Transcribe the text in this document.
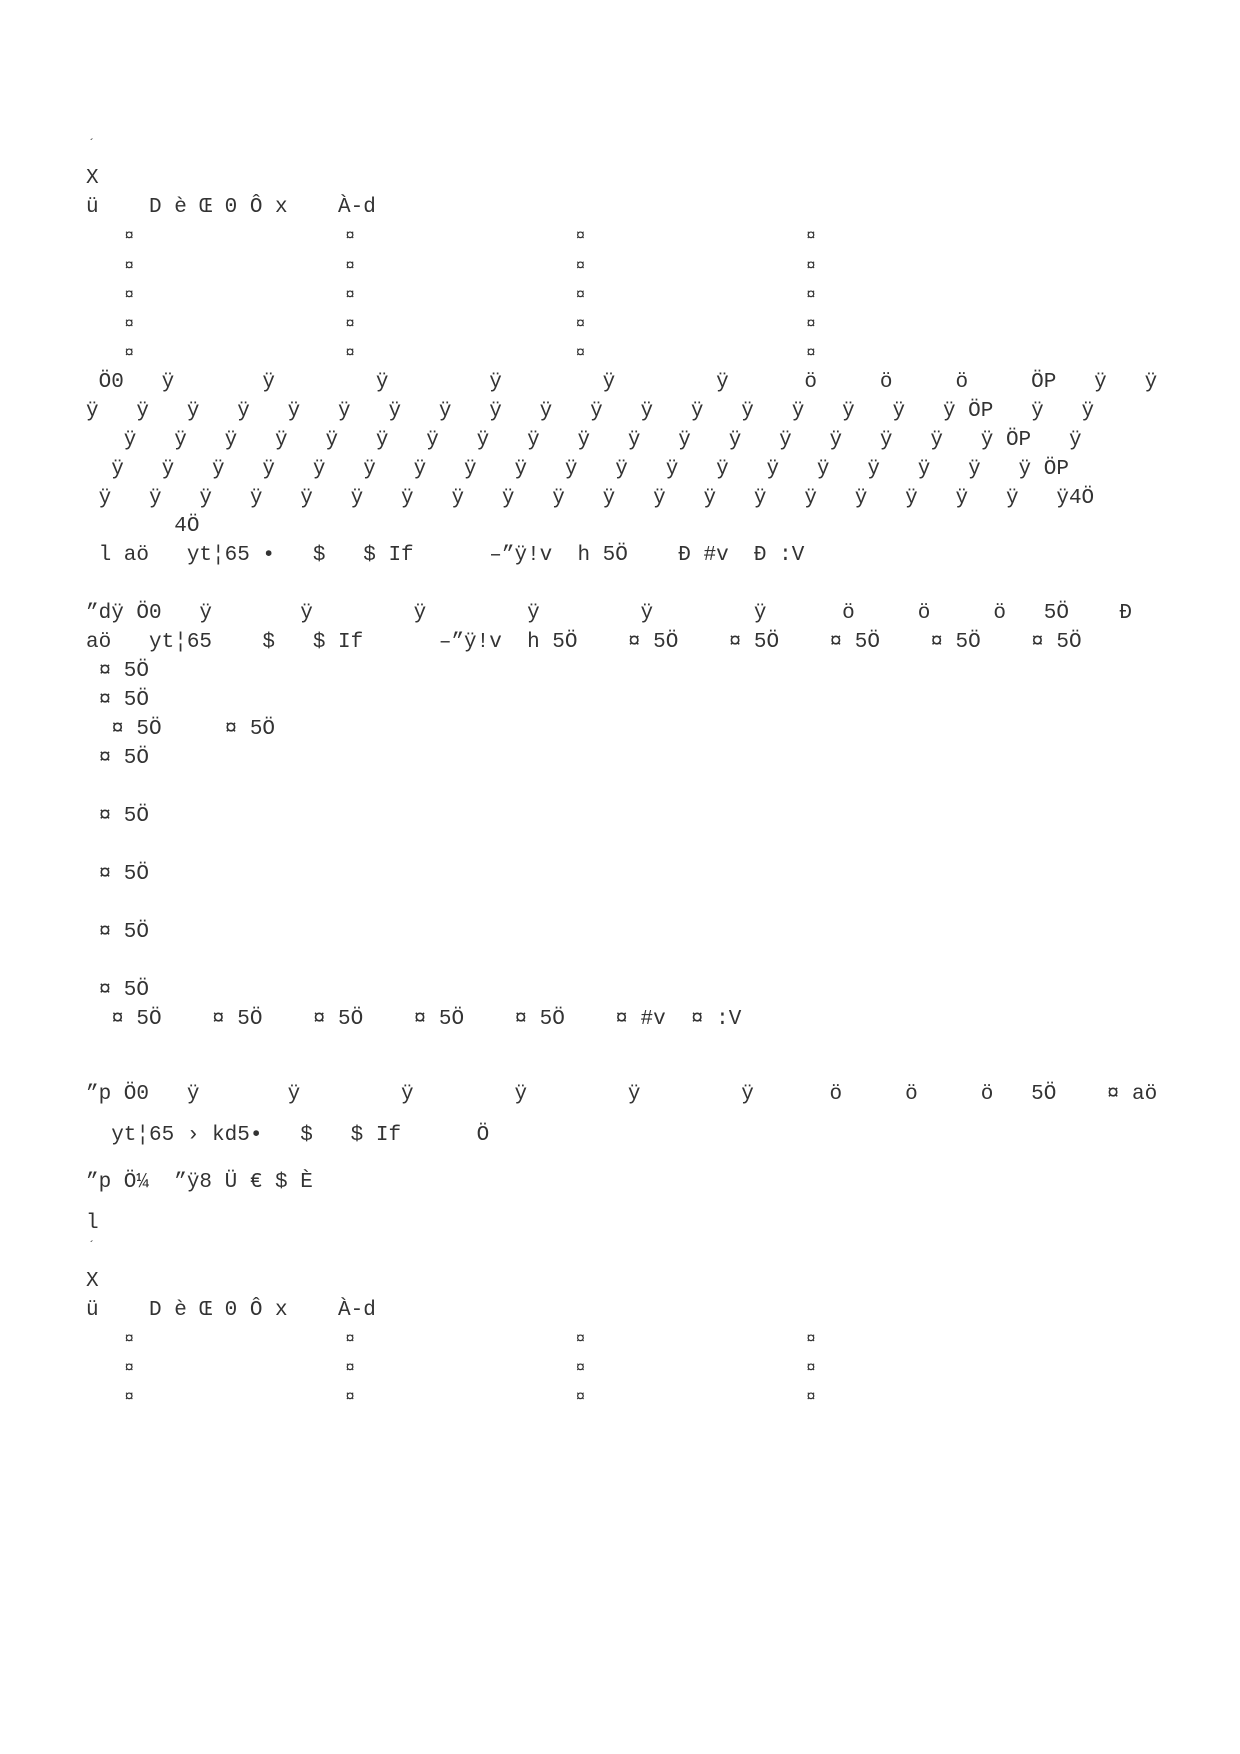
´
X
ü    D è Œ 0 Ô x    À-d
¤                      ¤                       ¤                       ¤
¤                      ¤                       ¤                       ¤
¤                      ¤                       ¤                       ¤
¤                      ¤                       ¤                       ¤
¤                      ¤                       ¤                       ¤
Ö0   ÿ       ÿ        ÿ        ÿ        ÿ        ÿ      ö     ö     ö     ÖP   ÿ   ÿ
ÿ   ÿ   ÿ   ÿ   ÿ   ÿ   ÿ   ÿ   ÿ   ÿ   ÿ   ÿ   ÿ   ÿ   ÿ   ÿ   ÿ   ÿ ÖP   ÿ   ÿ
ÿ   ÿ   ÿ   ÿ   ÿ   ÿ   ÿ   ÿ   ÿ   ÿ   ÿ   ÿ   ÿ   ÿ   ÿ   ÿ   ÿ   ÿ ÖP   ÿ
ÿ   ÿ   ÿ   ÿ   ÿ   ÿ   ÿ   ÿ   ÿ   ÿ   ÿ   ÿ   ÿ   ÿ   ÿ   ÿ   ÿ   ÿ   ÿ ÖP
ÿ   ÿ   ÿ   ÿ   ÿ   ÿ   ÿ   ÿ   ÿ   ÿ   ÿ   ÿ   ÿ   ÿ   ÿ   ÿ   ÿ   ÿ   ÿ   ÿ4Ö
4Ö
l aö   yt¦65 •   $   $ If      –”ÿ!v  h 5Ö    Ð #v  Ð :V
”dÿ Ö0   ÿ       ÿ        ÿ        ÿ        ÿ        ÿ      ö     ö     ö   5Ö    Ð
aö   yt¦65    $   $ If      –”ÿ!v  h 5Ö    ¤ 5Ö    ¤ 5Ö    ¤ 5Ö    ¤ 5Ö    ¤ 5Ö
¤ 5Ö
¤ 5Ö
¤ 5Ö     ¤ 5Ö
¤ 5Ö
¤ 5Ö
¤ 5Ö
¤ 5Ö
¤ 5Ö
¤ 5Ö    ¤ 5Ö    ¤ 5Ö    ¤ 5Ö    ¤ 5Ö    ¤ #v  ¤ :V
”p Ö0   ÿ       ÿ        ÿ        ÿ        ÿ        ÿ      ö     ö     ö   5Ö    ¤ aö
yt¦65 › kd5•   $   $ If      Ö
”p Ö¼  ”ÿ8 Ü € $ È
l
´
X
ü    D è Œ 0 Ô x    À-d
¤                      ¤                       ¤                       ¤
¤                      ¤                       ¤                       ¤
¤                      ¤                       ¤                       ¤
